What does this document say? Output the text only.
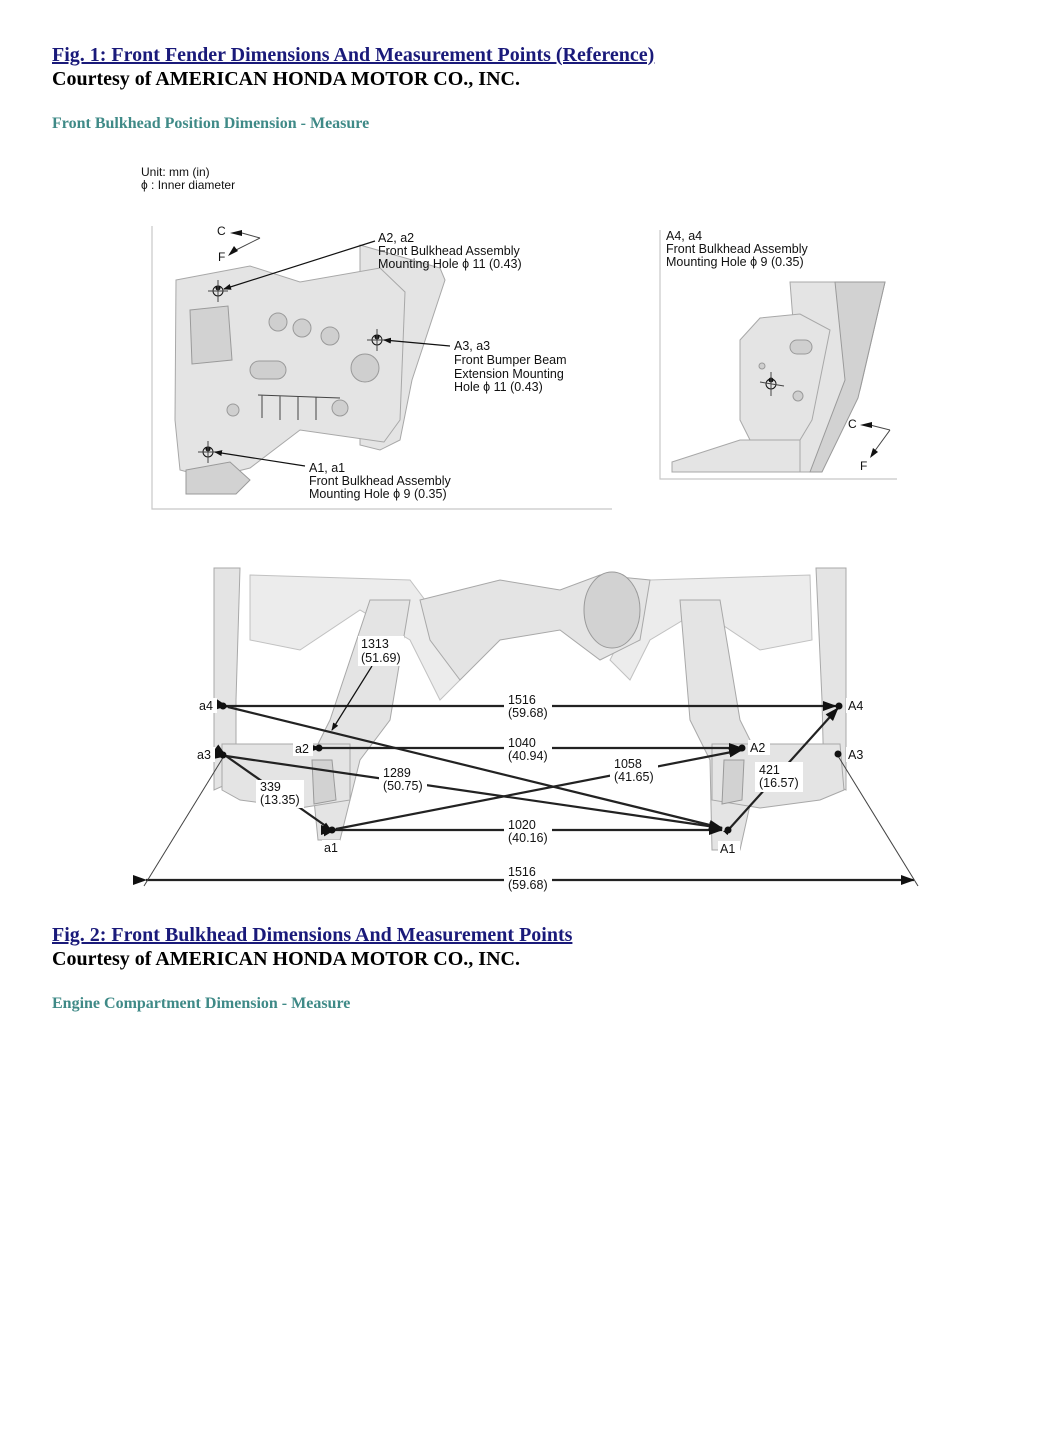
Fig. 1: Front Fender Dimensions And Measurement Points (Reference)

Courtesy of AMERICAN HONDA MOTOR CO., INC.

Front Bulkhead Position Dimension - Measure

Unit: mm (in)
ϕ : Inner diameter
C
F
A2, a2
Front Bulkhead Assembly
Mounting Hole ϕ 11 (0.43)
A3, a3
Front Bumper Beam
Extension Mounting
Hole ϕ 11 (0.43)
A1, a1
Front Bulkhead Assembly
Mounting Hole ϕ 9 (0.35)
A4, a4
Front Bulkhead Assembly
Mounting Hole ϕ 9 (0.35)
C
F
a4
a2
a3
a1
A4
A2	A3
A1
1313
(51.69)
1516
(59.68)
1040
(40.94)
1289
(50.75)
339
(13.35)
1058
(41.65)	421
(16.57)
1020
(40.16)
1516
(59.68)
Fig. 2: Front Bulkhead Dimensions And Measurement Points

Courtesy of AMERICAN HONDA MOTOR CO., INC.

Engine Compartment Dimension - Measure
